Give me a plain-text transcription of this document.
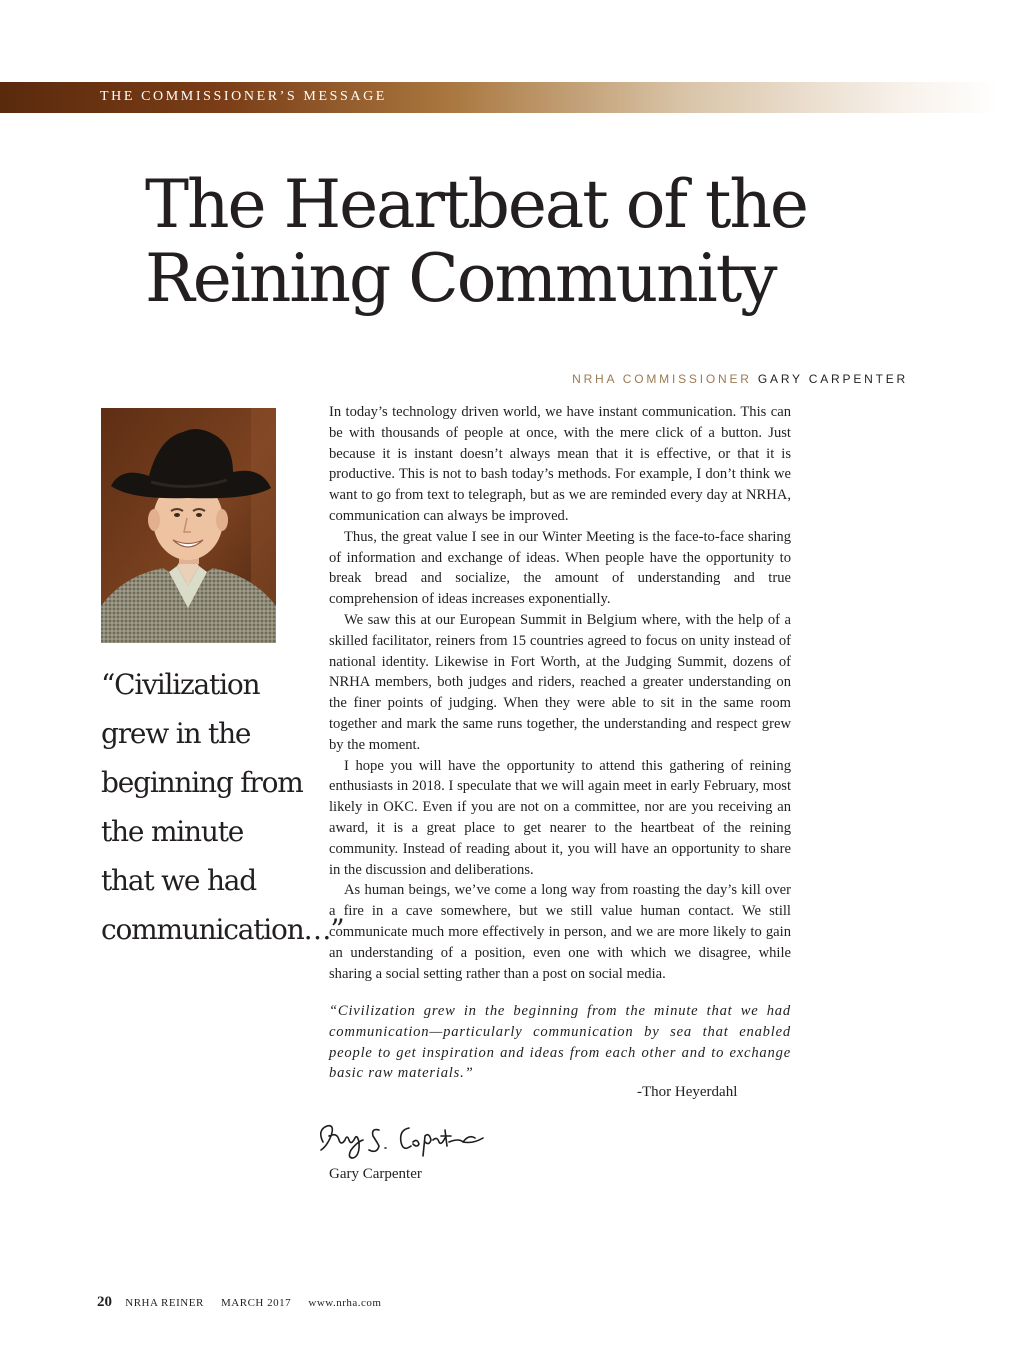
THE COMMISSIONER’S MESSAGE
The Heartbeat of the
Reining Community
NRHA COMMISSIONER GARY CARPENTER
“Civilization
grew in the
beginning from
the minute
that we had
communication…”

In today’s technology driven world, we have instant communication. This can be with thousands of people at once, with the mere click of a button. Just because it is instant doesn’t always mean that it is effective, or that it is productive. This is not to bash today’s methods. For example, I don’t think we want to go from text to telegraph, but as we are reminded every day at NRHA, communication can always be improved.

Thus, the great value I see in our Winter Meeting is the face-to-face sharing of information and exchange of ideas. When people have the opportunity to break bread and socialize, the amount of understanding and true comprehension of ideas increases exponentially.

We saw this at our European Summit in Belgium where, with the help of a skilled facilitator, reiners from 15 countries agreed to focus on unity instead of national identity. Likewise in Fort Worth, at the Judging Summit, dozens of NRHA members, both judges and riders, reached a greater understanding on the finer points of judging. When they were able to sit in the same room together and mark the same runs together, the understanding and respect grew by the moment.

I hope you will have the opportunity to attend this gathering of reining enthusiasts in 2018. I speculate that we will again meet in early February, most likely in OKC. Even if you are not on a committee, nor are you receiving an award, it is a great place to get nearer to the heartbeat of the reining community. Instead of reading about it, you will have an opportunity to share in the discussion and deliberations.

As human beings, we’ve come a long way from roasting the day’s kill over a fire in a cave somewhere, but we still value human contact. We still communicate much more effectively in person, and we are more likely to gain an understanding of a position, even one with which we disagree, while sharing a social setting rather than a post on social media.

“Civilization grew in the beginning from the minute that we had communication—particularly communication by sea that enabled people to get inspiration and ideas from each other and to exchange basic raw materials.”

-Thor Heyerdahl
Gary Carpenter
20 NRHA REINER MARCH 2017 www.nrha.com
